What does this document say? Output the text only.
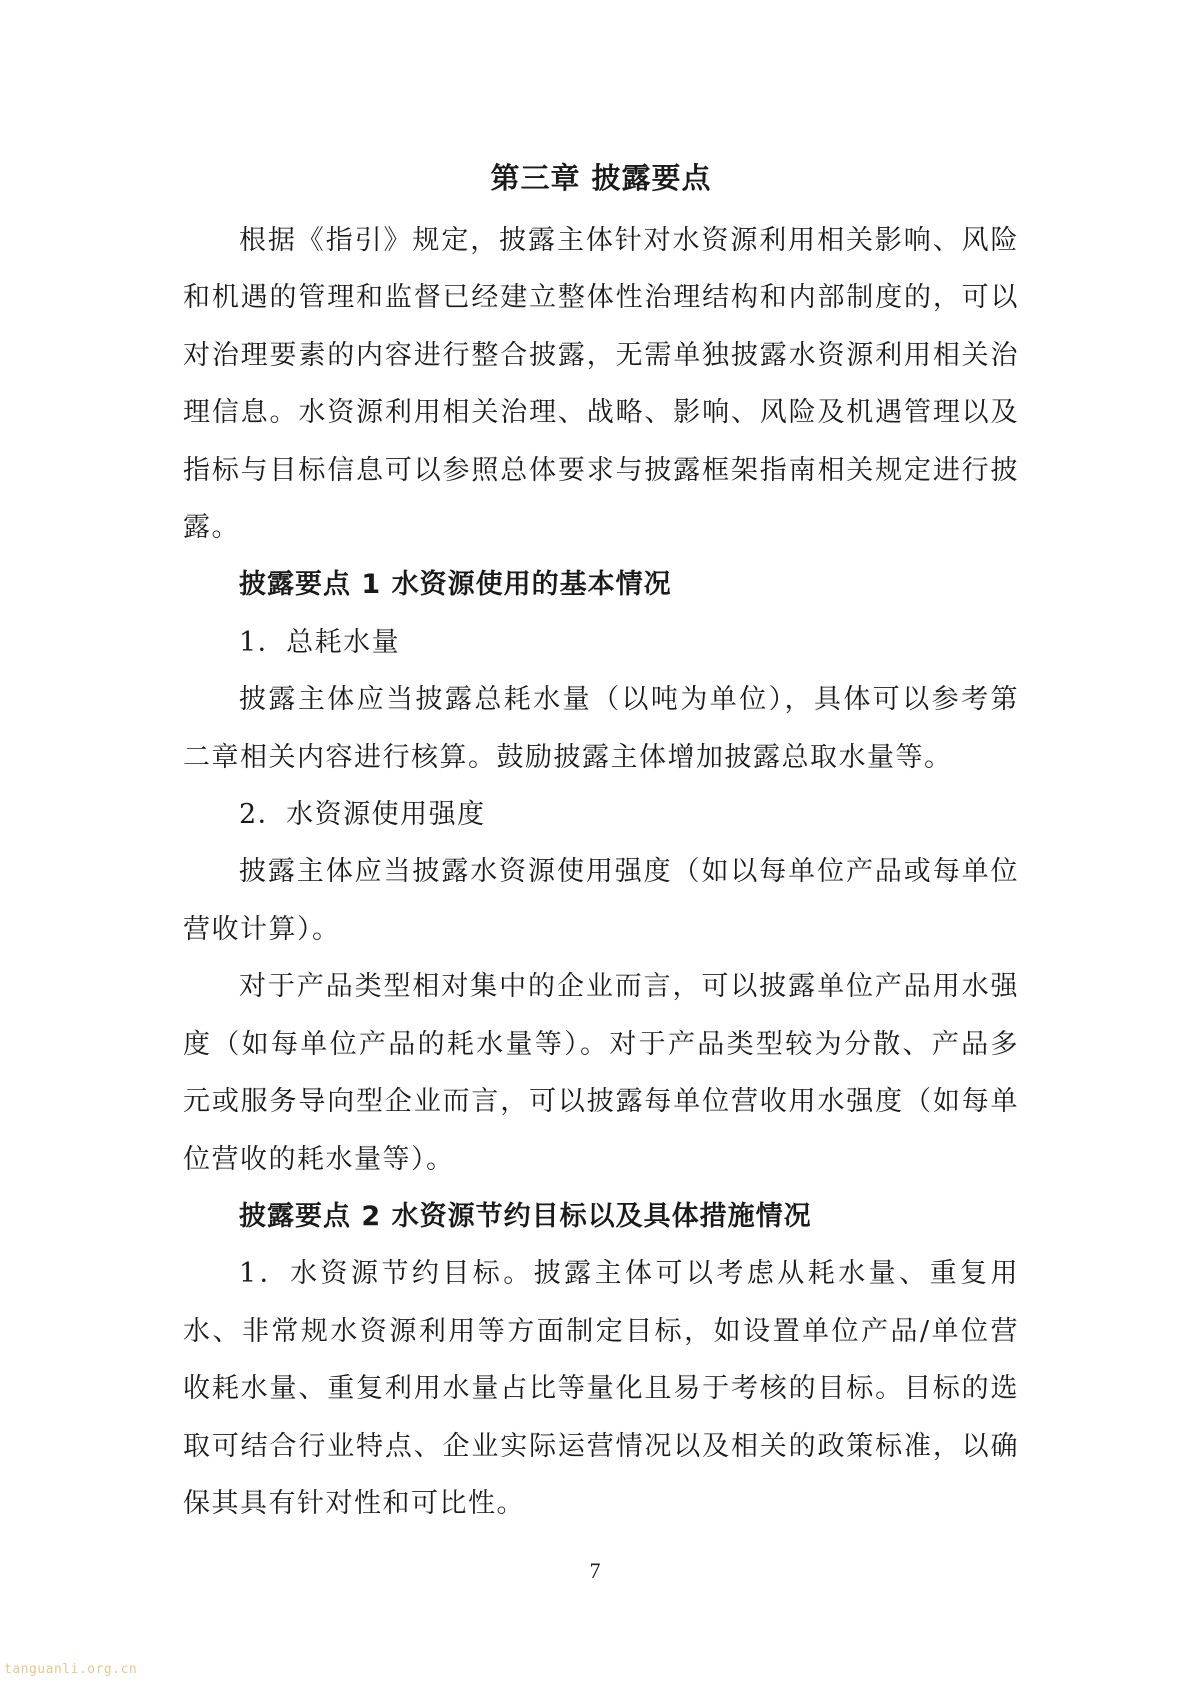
第三章 披露要点

根据《指引》规定，披露主体针对水资源利用相关影响、风险和机遇的管理和监督已经建立整体性治理结构和内部制度的，可以对治理要素的内容进行整合披露，无需单独披露水资源利用相关治理信息。水资源利用相关治理、战略、影响、风险及机遇管理以及指标与目标信息可以参照总体要求与披露框架指南相关规定进行披露。

披露要点 1 水资源使用的基本情况

1．总耗水量

披露主体应当披露总耗水量（以吨为单位），具体可以参考第二章相关内容进行核算。鼓励披露主体增加披露总取水量等。

2．水资源使用强度

披露主体应当披露水资源使用强度（如以每单位产品或每单位营收计算）。

对于产品类型相对集中的企业而言，可以披露单位产品用水强度（如每单位产品的耗水量等）。对于产品类型较为分散、产品多元或服务导向型企业而言，可以披露每单位营收用水强度（如每单位营收的耗水量等）。

披露要点 2 水资源节约目标以及具体措施情况

1．水资源节约目标。披露主体可以考虑从耗水量、重复用水、非常规水资源利用等方面制定目标，如设置单位产品/单位营收耗水量、重复利用水量占比等量化且易于考核的目标。目标的选取可结合行业特点、企业实际运营情况以及相关的政策标准，以确保其具有针对性和可比性。

7
tanguanli.org.cn
